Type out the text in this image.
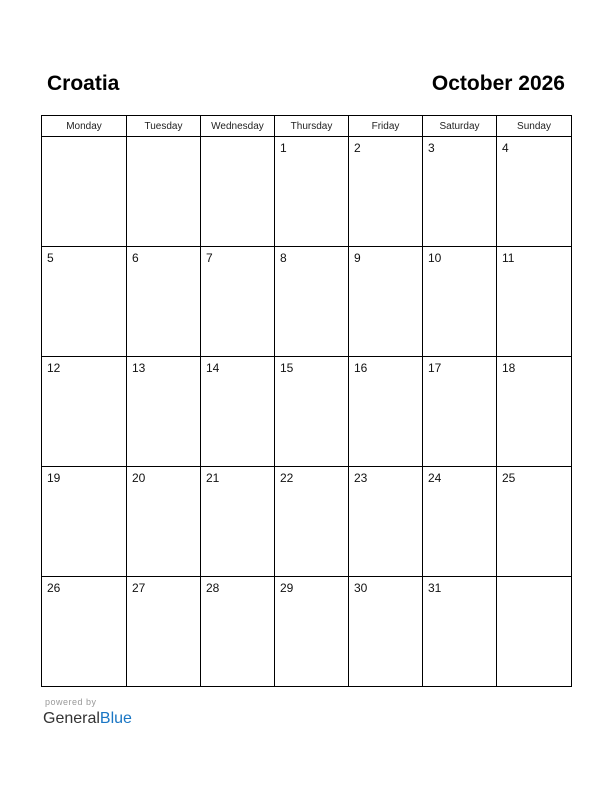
Croatia	October 2026
Monday	Tuesday	Wednesday	Thursday	Friday	Saturday	Sunday

			1	2	3	4

5	6	7	8	9	10	11

12	13	14	15	16	17	18

19	20	21	22	23	24	25

26	27	28	29	30	31	

powered by
GeneralBlue
